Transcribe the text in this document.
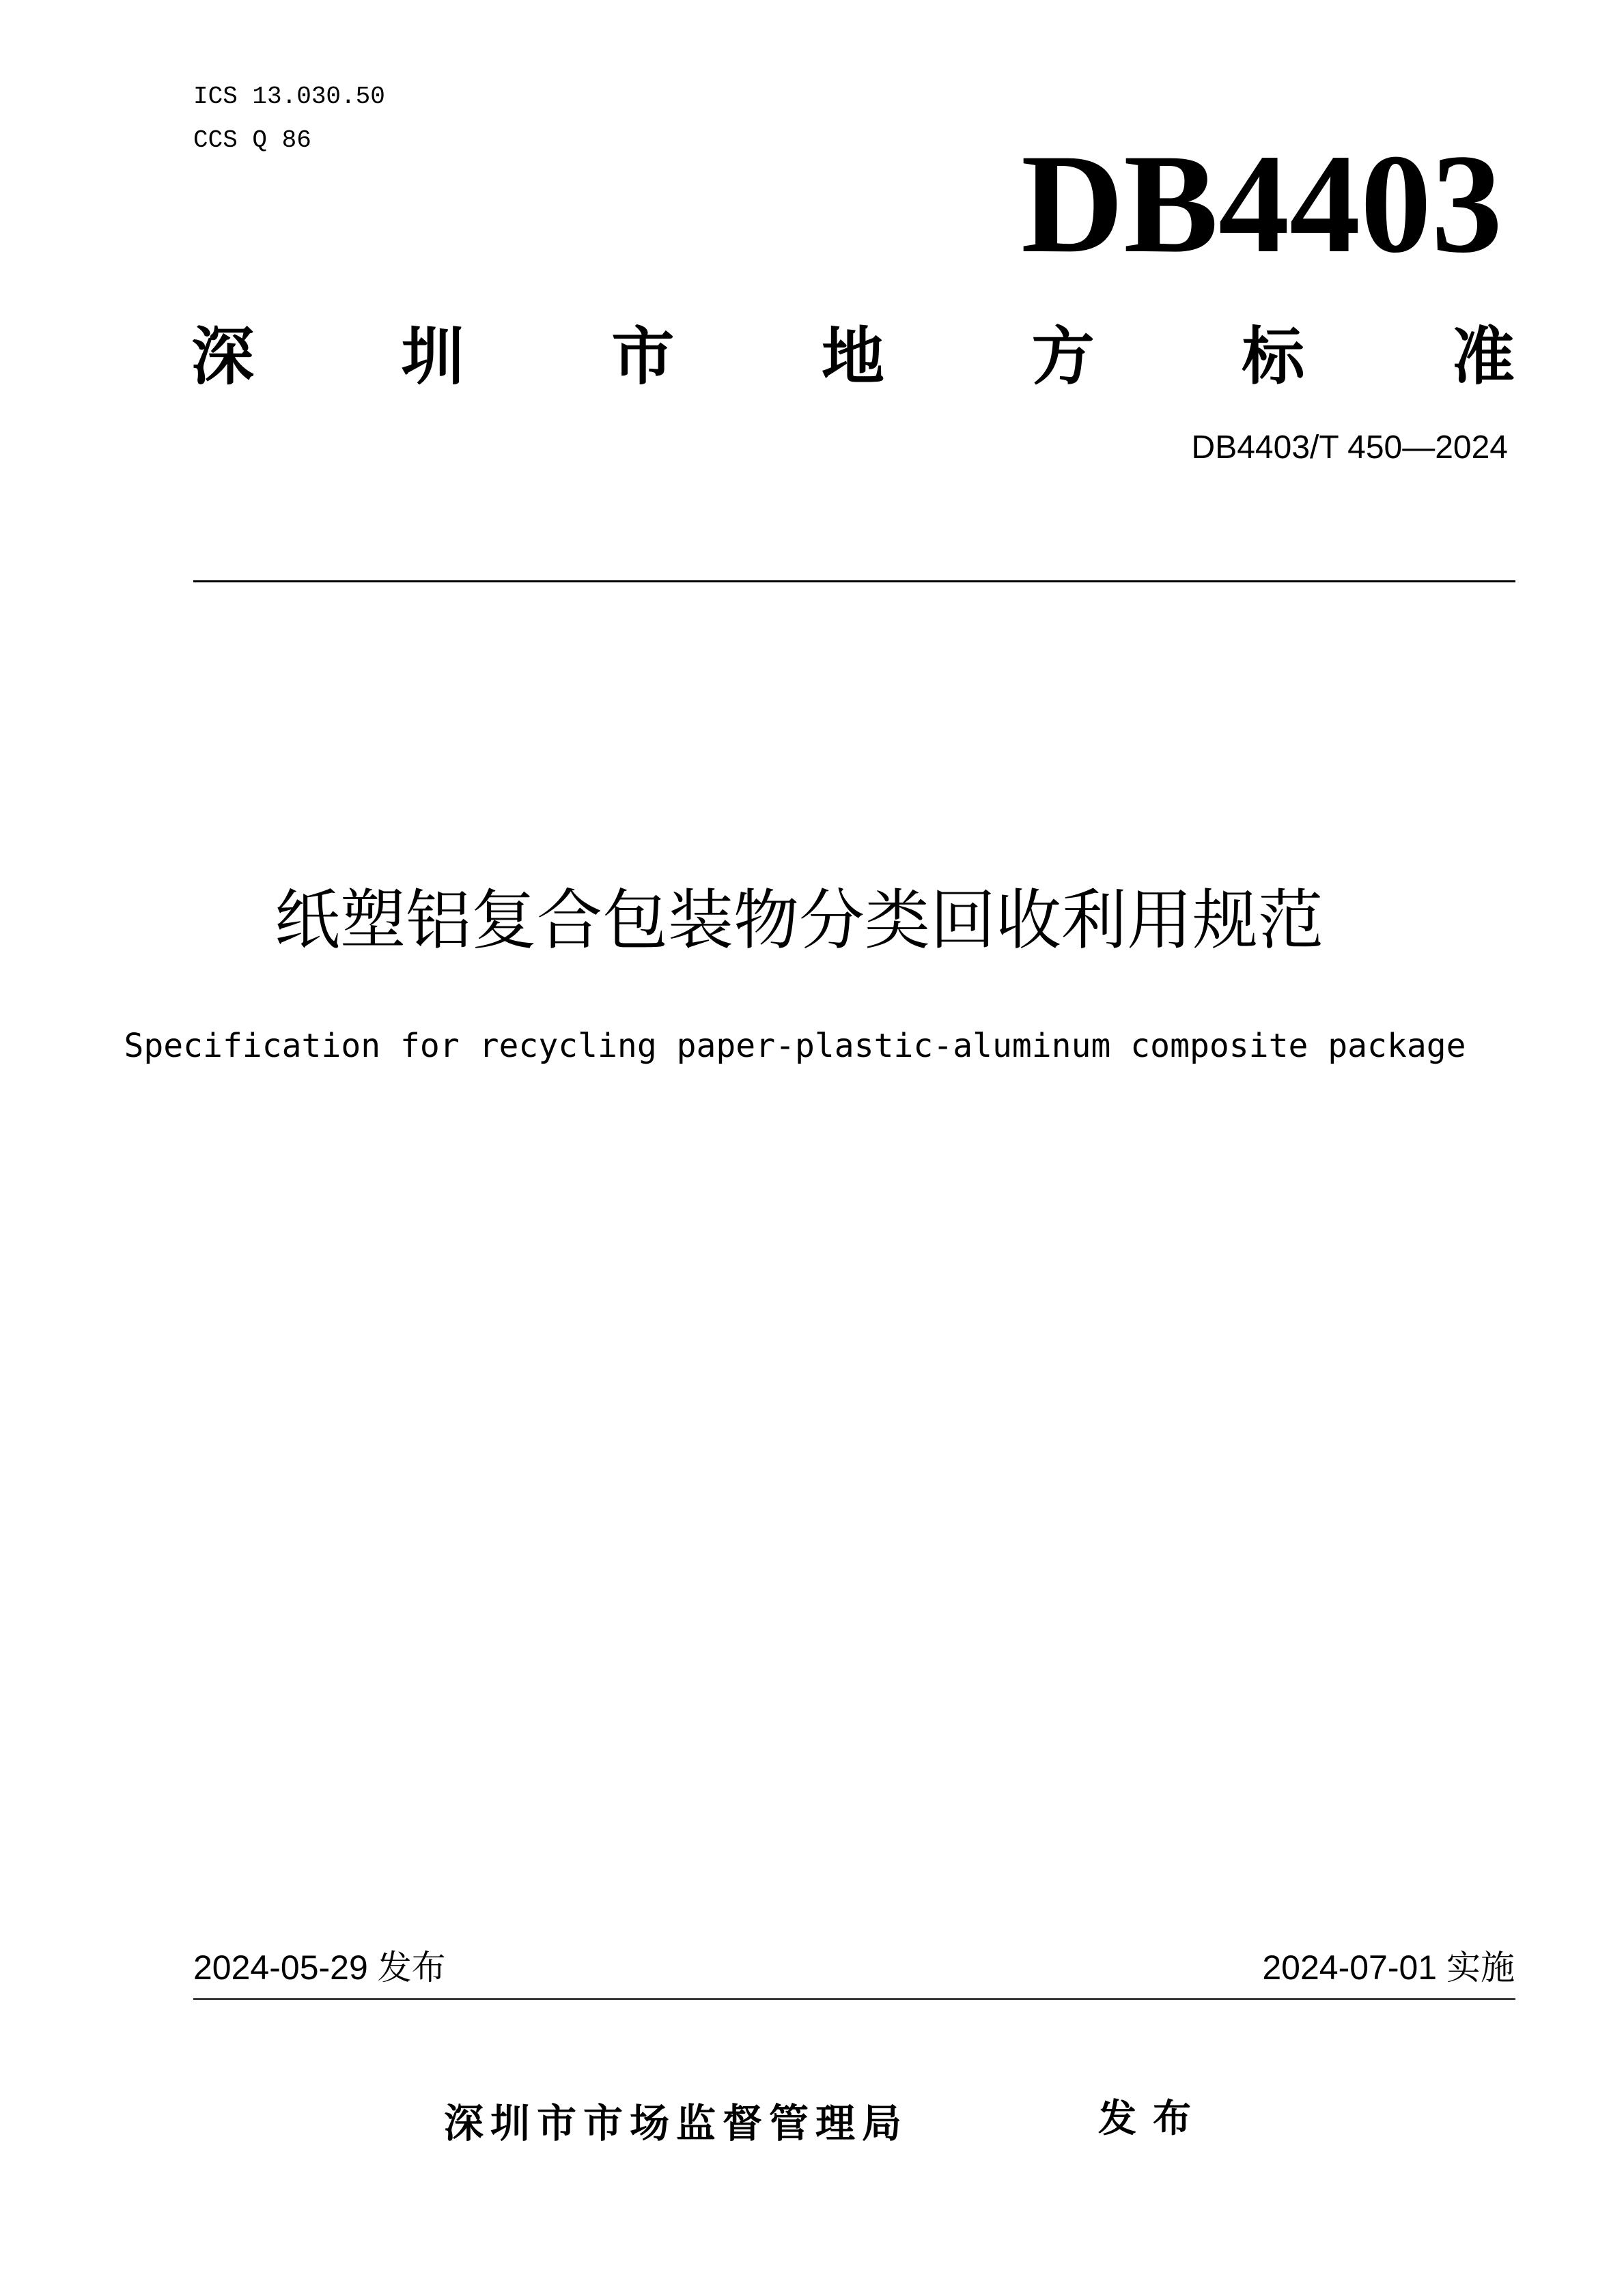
ICS 13.030.50
CCS Q 86	DB4403
深 圳 市 地 方 标 准
DB4403/T 450—2024
纸塑铝复合包装物分类回收利用规范
Specification for recycling paper-plastic-aluminum composite package
2024-05-29 发布	2024-07-01 实施
深圳市市场监督管理局	发布
